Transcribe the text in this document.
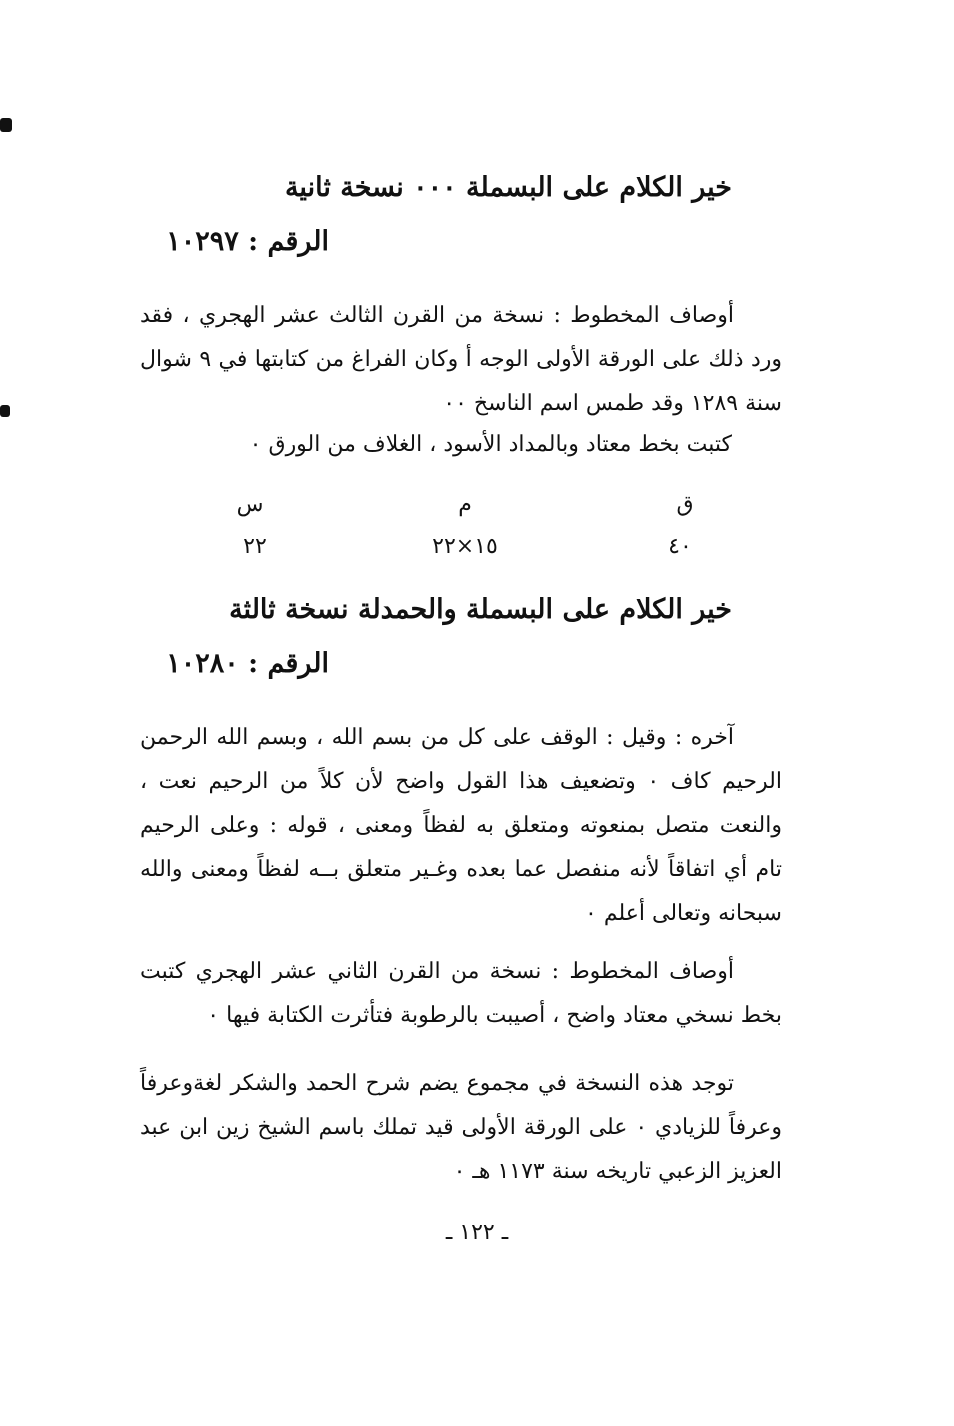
خير الكلام على البسملة ٠٠٠ نسخة ثانية
الرقم : ١٠٢٩٧
أوصاف المخطوط : نسخة من القرن الثالث عشر الهجري ، فقد
ورد ذلك على الورقة الأولى الوجه أ وكان الفراغ من كتابتها في ٩ شوال
سنة ١٢٨٩ وقد طمس اسم الناسخ ٠٠
كتبت بخط معتاد وبالمداد الأسود ، الغلاف من الورق ٠
ق
م
س
٤٠
١٥×٢٢
٢٢
خير الكلام على البسملة والحمدلة نسخة ثالثة
الرقم : ١٠٢٨٠
آخره : وقيل : الوقف على كل من بسم الله ، وبسم الله الرحمن
الرحيم كاف ٠ وتضعيف هذا القول واضح لأن كلاً من الرحيم نعت ،
والنعت متصل بمنعوته ومتعلق به لفظاً ومعنى ، قوله : وعلى الرحيم
تام أي اتفاقاً لأنه منفصل عما بعده وغـير متعلق بــه لفظاً ومعنى والله
سبحانه وتعالى أعلم ٠
أوصاف المخطوط : نسخة من القرن الثاني عشر الهجري كتبت
بخط نسخي معتاد واضح ، أصيبت بالرطوبة فتأثرت الكتابة فيها ٠
توجد هذه النسخة في مجموع يضم شرح الحمد والشكر لغةوعرفاً
وعرفاً للزيادي ٠ على الورقة الأولى قيد تملك باسم الشيخ زين ابن عبد
العزيز الزعبي تاريخه سنة ١١٧٣ هـ ٠
ـ ١٢٢ ـ
